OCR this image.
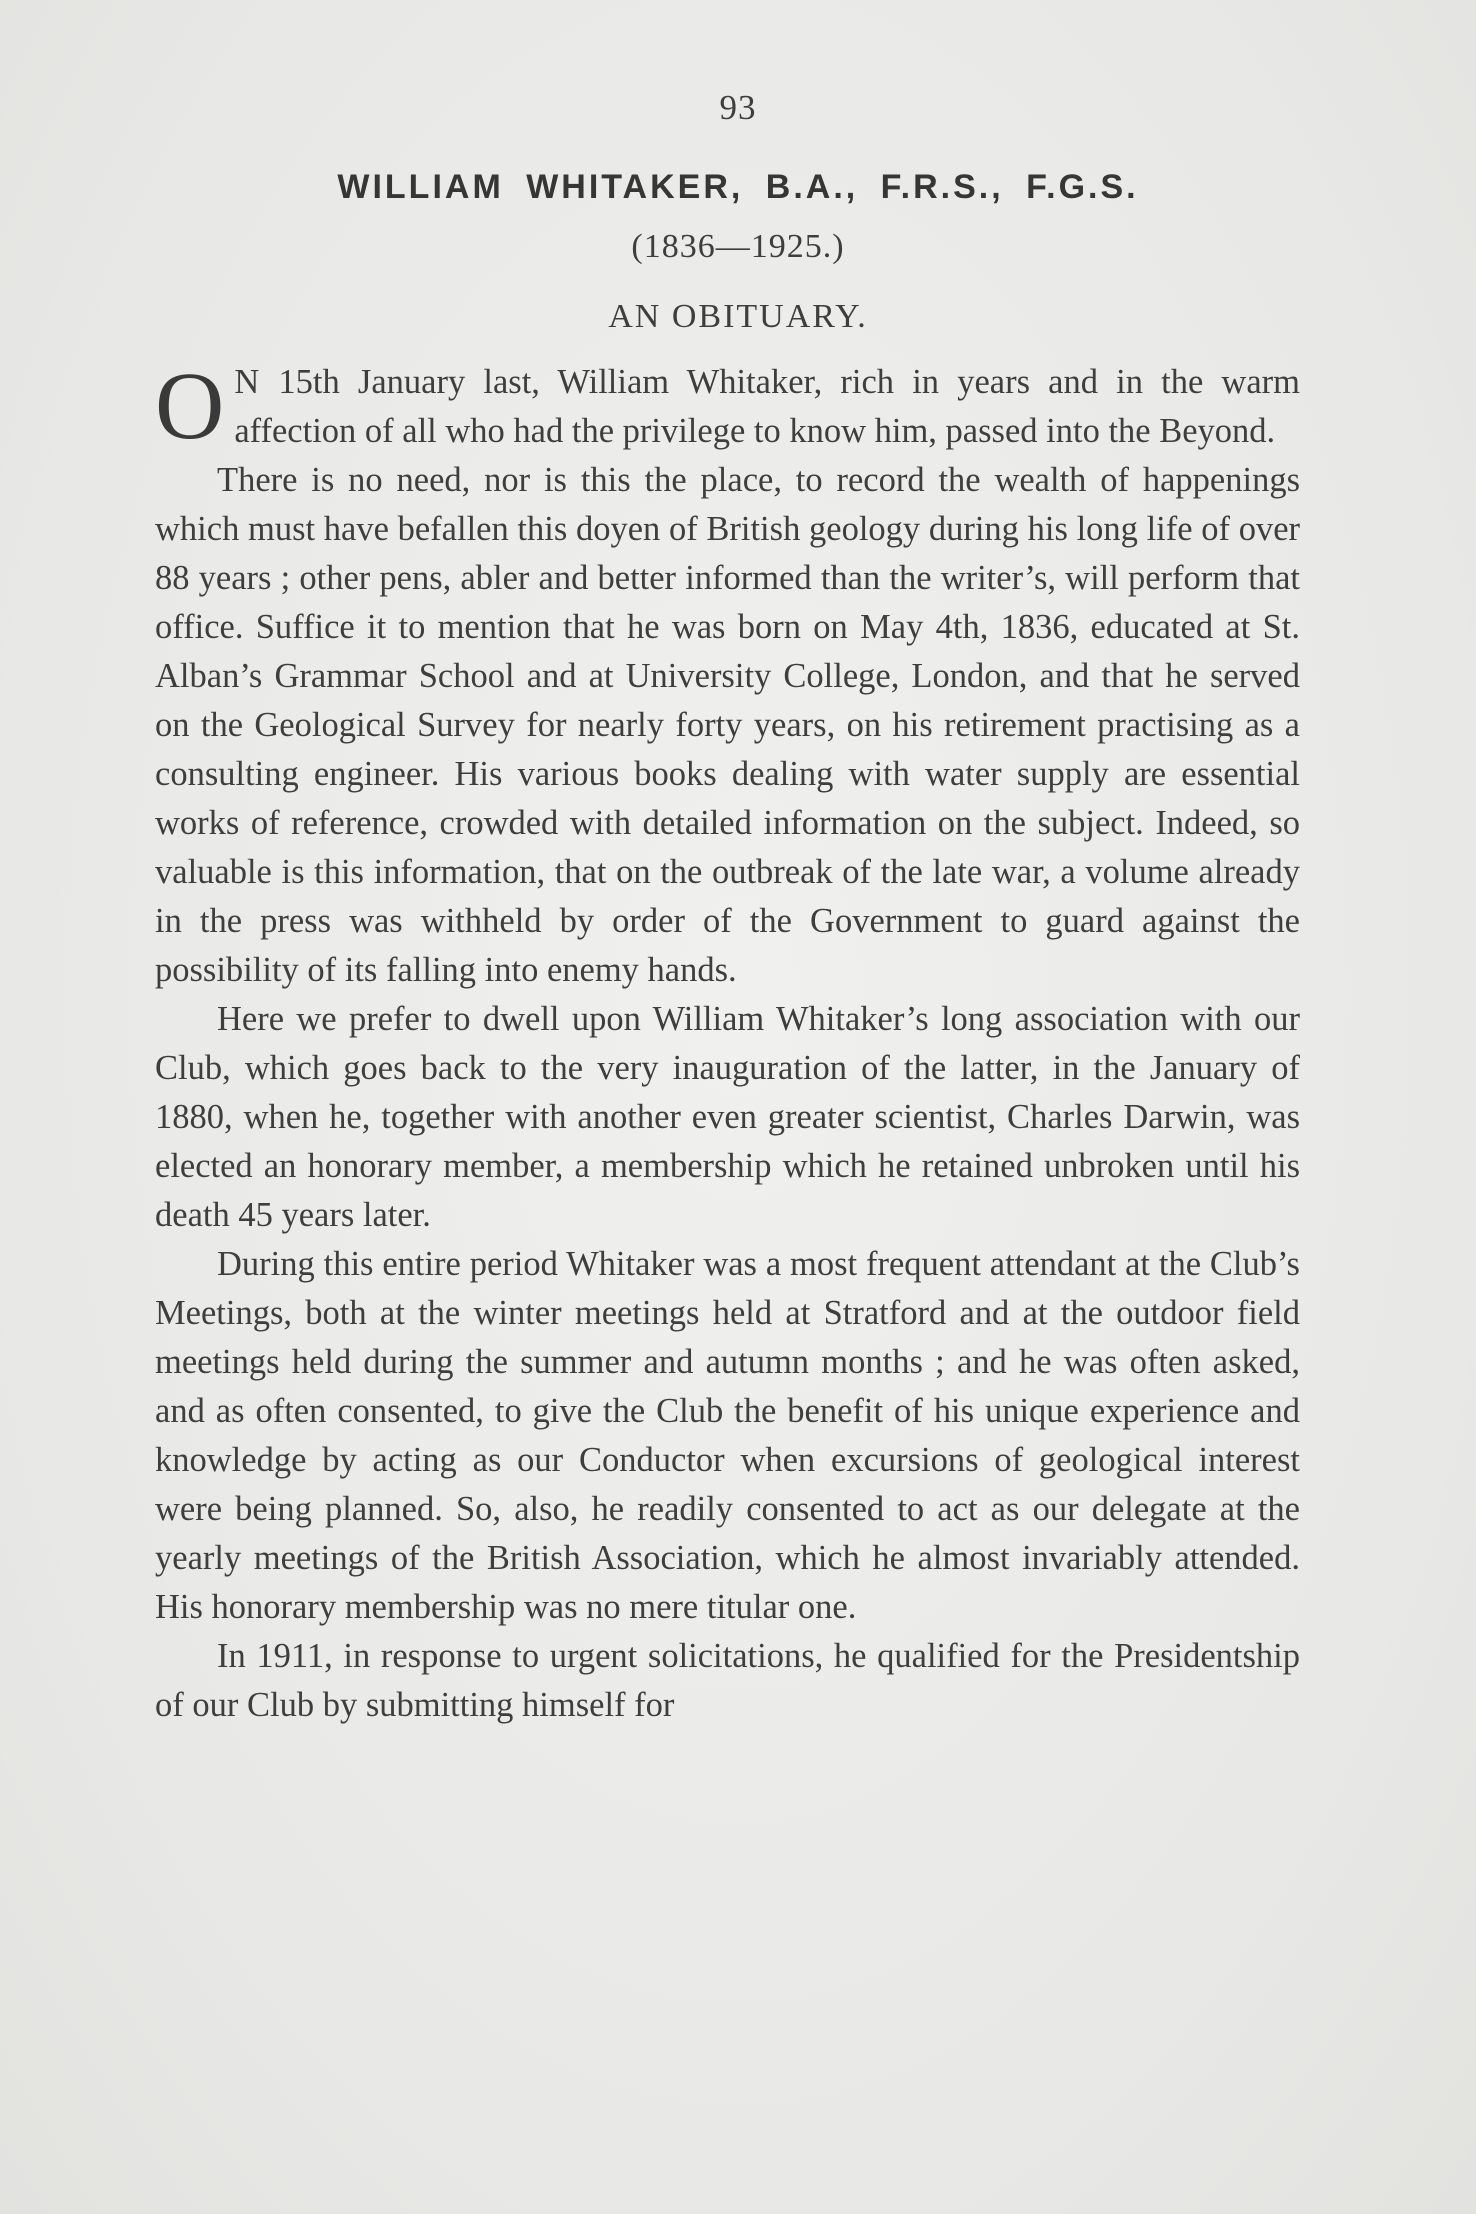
93
WILLIAM WHITAKER, B.A., F.R.S., F.G.S.
(1836—1925.)
AN OBITUARY.

O N 15th January last, William Whitaker, rich in years and in the warm affection of all who had the privilege to know him, passed into the Beyond.

There is no need, nor is this the place, to record the wealth of happenings which must have befallen this doyen of British geology during his long life of over 88 years ; other pens, abler and better informed than the writer’s, will perform that office. Suffice it to mention that he was born on May 4th, 1836, educated at St. Alban’s Grammar School and at University College, London, and that he served on the Geological Survey for nearly forty years, on his retirement practising as a consulting engineer. His various books dealing with water supply are essential works of reference, crowded with detailed information on the subject. Indeed, so valuable is this information, that on the outbreak of the late war, a volume already in the press was withheld by order of the Government to guard against the possibility of its falling into enemy hands.

Here we prefer to dwell upon William Whitaker’s long association with our Club, which goes back to the very inauguration of the latter, in the January of 1880, when he, together with another even greater scientist, Charles Darwin, was elected an honorary member, a membership which he retained unbroken until his death 45 years later.

During this entire period Whitaker was a most frequent attendant at the Club’s Meetings, both at the winter meetings held at Stratford and at the outdoor field meetings held during the summer and autumn months ; and he was often asked, and as often consented, to give the Club the benefit of his unique experience and knowledge by acting as our Conductor when excursions of geological interest were being planned. So, also, he readily consented to act as our delegate at the yearly meetings of the British Association, which he almost invariably attended. His honorary membership was no mere titular one.

In 1911, in response to urgent solicitations, he qualified for the Presidentship of our Club by submitting himself for
